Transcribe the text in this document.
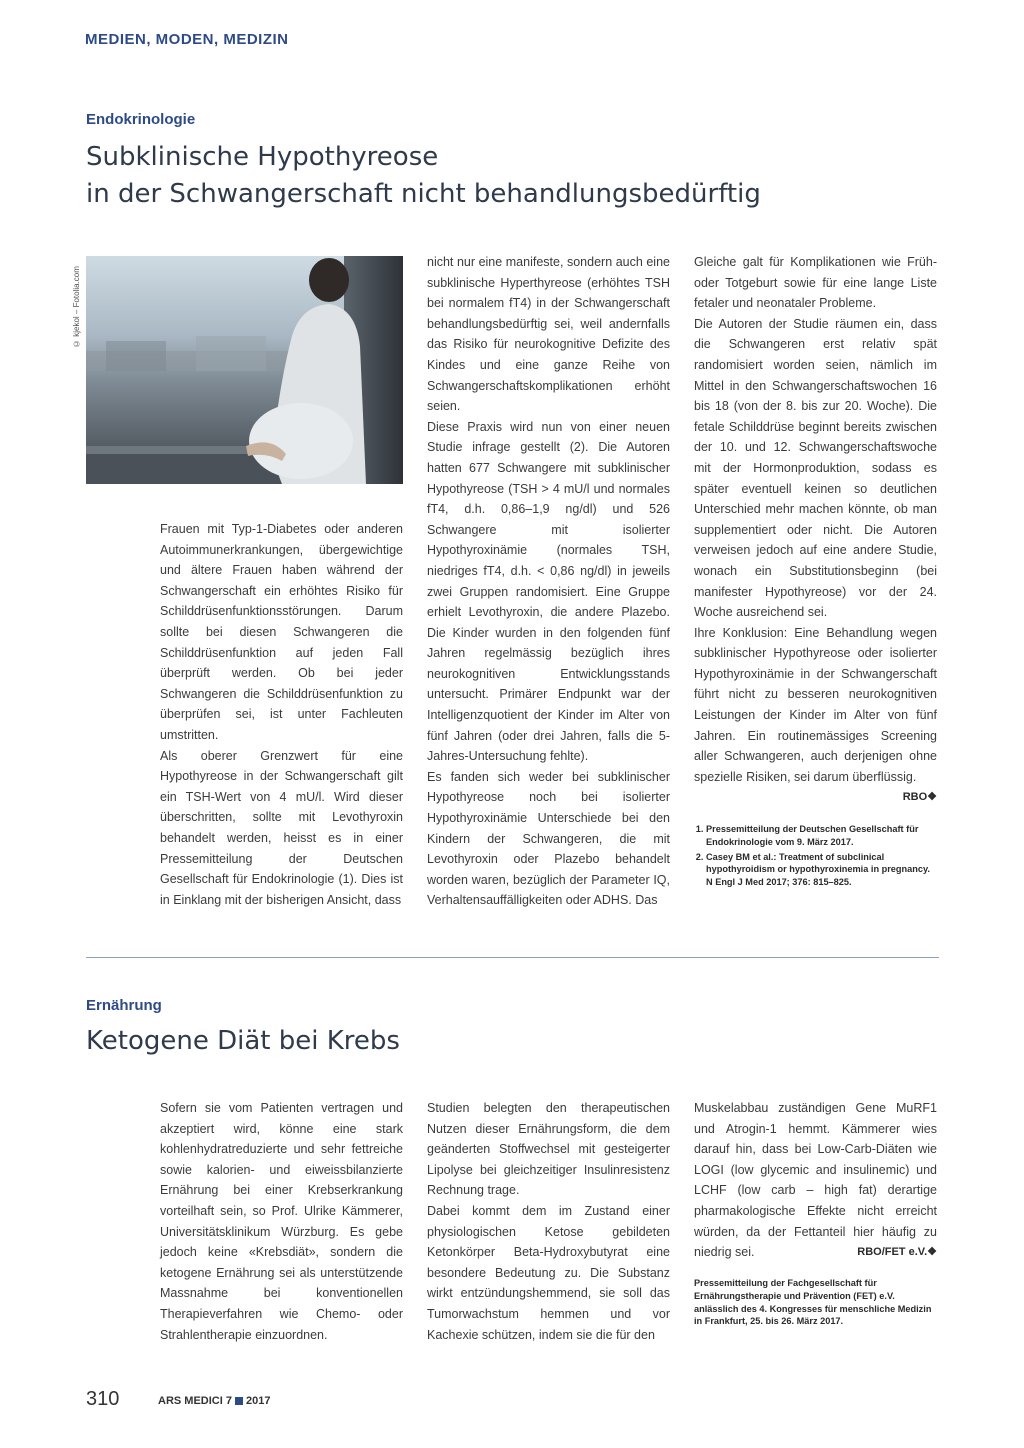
MEDIEN, MODEN, MEDIZIN
Endokrinologie
Subklinische Hypothyreose
in der Schwangerschaft nicht behandlungsbedürftig
© kjekol – Fotolia.com

Frauen mit Typ-1-Diabetes oder anderen Autoimmunerkrankungen, übergewichtige und ältere Frauen haben während der Schwangerschaft ein erhöhtes Risiko für Schilddrüsenfunktionsstörungen. Darum sollte bei diesen Schwangeren die Schilddrüsenfunktion auf jeden Fall überprüft werden. Ob bei jeder Schwangeren die Schilddrüsenfunktion zu überprüfen sei, ist unter Fachleuten umstritten.

Als oberer Grenzwert für eine Hypothyreose in der Schwangerschaft gilt ein TSH-Wert von 4 mU/l. Wird dieser überschritten, sollte mit Levothyroxin behandelt werden, heisst es in einer Pressemitteilung der Deutschen Gesellschaft für Endokrinologie (1). Dies ist in Einklang mit der bisherigen Ansicht, dass

nicht nur eine manifeste, sondern auch eine subklinische Hyperthyreose (erhöhtes TSH bei normalem fT4) in der Schwangerschaft behandlungsbedürftig sei, weil andernfalls das Risiko für neurokognitive Defizite des Kindes und eine ganze Reihe von Schwangerschaftskomplikationen erhöht seien.

Diese Praxis wird nun von einer neuen Studie infrage gestellt (2). Die Autoren hatten 677 Schwangere mit subklinischer Hypothyreose (TSH > 4 mU/l und normales fT4, d.h. 0,86–1,9 ng/dl) und 526 Schwangere mit isolierter Hypothyroxinämie (normales TSH, niedriges fT4, d.h. < 0,86 ng/dl) in jeweils zwei Gruppen randomisiert. Eine Gruppe erhielt Levothyroxin, die andere Plazebo. Die Kinder wurden in den folgenden fünf Jahren regelmässig bezüglich ihres neurokognitiven Entwicklungsstands untersucht. Primärer Endpunkt war der Intelligenzquotient der Kinder im Alter von fünf Jahren (oder drei Jahren, falls die 5-Jahres-Untersuchung fehlte).

Es fanden sich weder bei subklinischer Hypothyreose noch bei isolierter Hypothyroxinämie Unterschiede bei den Kindern der Schwangeren, die mit Levothyroxin oder Plazebo behandelt worden waren, bezüglich der Parameter IQ, Verhaltensauffälligkeiten oder ADHS. Das

Gleiche galt für Komplikationen wie Früh- oder Totgeburt sowie für eine lange Liste fetaler und neonataler Probleme.

Die Autoren der Studie räumen ein, dass die Schwangeren erst relativ spät randomisiert worden seien, nämlich im Mittel in den Schwangerschaftswochen 16 bis 18 (von der 8. bis zur 20. Woche). Die fetale Schilddrüse beginnt bereits zwischen der 10. und 12. Schwangerschaftswoche mit der Hormonproduktion, sodass es später eventuell keinen so deutlichen Unterschied mehr machen könnte, ob man supplementiert oder nicht. Die Autoren verweisen jedoch auf eine andere Studie, wonach ein Substitutionsbeginn (bei manifester Hypothyreose) vor der 24. Woche ausreichend sei.

Ihre Konklusion: Eine Behandlung wegen subklinischer Hypothyreose oder isolierter Hypothyroxinämie in der Schwangerschaft führt nicht zu besseren neurokognitiven Leistungen der Kinder im Alter von fünf Jahren. Ein routinemässiges Screening aller Schwangeren, auch derjenigen ohne spezielle Risiken, sei darum überflüssig.
RBO❖

1. Pressemitteilung der Deutschen Gesellschaft für Endokrinologie vom 9. März 2017.
2. Casey BM et al.: Treatment of subclinical hypothyroidism or hypothyroxinemia in pregnancy. N Engl J Med 2017; 376: 815–825.
Ernährung
Ketogene Diät bei Krebs

Sofern sie vom Patienten vertragen und akzeptiert wird, könne eine stark kohlenhydratreduzierte und sehr fettreiche sowie kalorien- und eiweissbilanzierte Ernährung bei einer Krebserkrankung vorteilhaft sein, so Prof. Ulrike Kämmerer, Universitätsklinikum Würzburg. Es gebe jedoch keine «Krebsdiät», sondern die ketogene Ernährung sei als unterstützende Massnahme bei konventionellen Therapieverfahren wie Chemo- oder Strahlentherapie einzuordnen.

Studien belegten den therapeutischen Nutzen dieser Ernährungsform, die dem geänderten Stoffwechsel mit gesteigerter Lipolyse bei gleichzeitiger Insulinresistenz Rechnung trage.

Dabei kommt dem im Zustand einer physiologischen Ketose gebildeten Ketonkörper Beta-Hydroxybutyrat eine besondere Bedeutung zu. Die Substanz wirkt entzündungshemmend, sie soll das Tumorwachstum hemmen und vor Kachexie schützen, indem sie die für den

Muskelabbau zuständigen Gene MuRF1 und Atrogin-1 hemmt. Kämmerer wies darauf hin, dass bei Low-Carb-Diäten wie LOGI (low glycemic and insulinemic) und LCHF (low carb – high fat) derartige pharmakologische Effekte nicht erreicht würden, da der Fettanteil hier häufig zu niedrig sei.	RBO/FET e.V.❖

Pressemitteilung der Fachgesellschaft für Ernährungstherapie und Prävention (FET) e.V. anlässlich des 4. Kongresses für menschliche Medizin in Frankfurt, 25. bis 26. März 2017.
310	ARS MEDICI 7 2017
